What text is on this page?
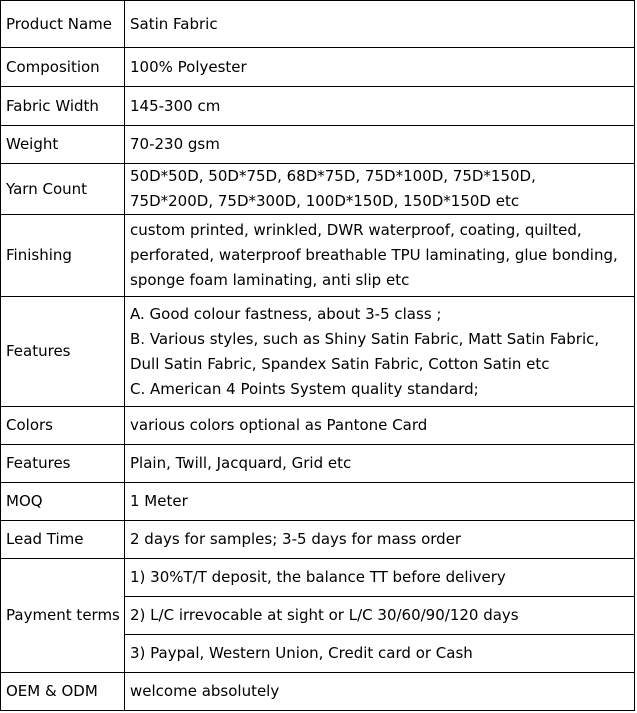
Product Name	Satin Fabric
Composition	100% Polyester
Fabric Width	145-300 cm
Weight	70-230 gsm
Yarn Count	50D*50D, 50D*75D, 68D*75D, 75D*100D, 75D*150D,
75D*200D, 75D*300D, 100D*150D, 150D*150D etc

Finishing	custom printed, wrinkled, DWR waterproof, coating, quilted,
perforated, waterproof breathable TPU laminating, glue bonding,
sponge foam laminating, anti slip etc

Features	A. Good colour fastness, about 3-5 class ;
B. Various styles, such as Shiny Satin Fabric, Matt Satin Fabric,
Dull Satin Fabric, Spandex Satin Fabric, Cotton Satin etc
C. American 4 Points System quality standard;

Colors	various colors optional as Pantone Card
Features	Plain, Twill, Jacquard, Grid etc
MOQ	1 Meter
Lead Time	2 days for samples; 3-5 days for mass order
Payment terms	1) 30%T/T deposit, the balance TT before delivery
	2) L/C irrevocable at sight or L/C 30/60/90/120 days
	3) Paypal, Western Union, Credit card or Cash
OEM & ODM	welcome absolutely
